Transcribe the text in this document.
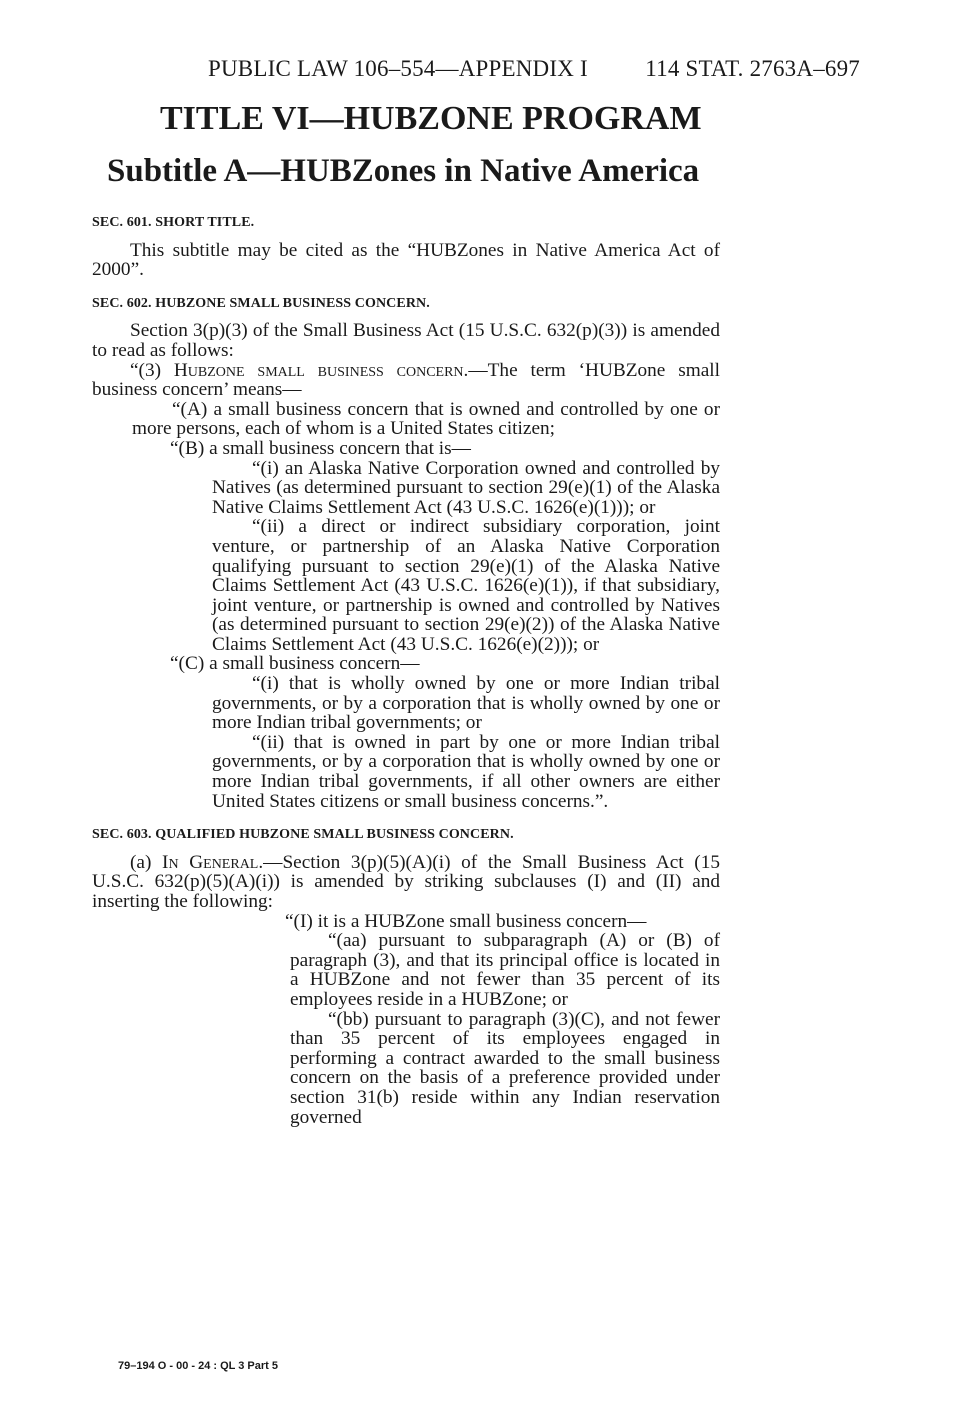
PUBLIC LAW 106–554—APPENDIX I 114 STAT. 2763A–697
TITLE VI—HUBZONE PROGRAM
Subtitle A—HUBZones in Native America
SEC. 601. SHORT TITLE.

This subtitle may be cited as the “HUBZones in Native America Act of 2000”.

SEC. 602. HUBZONE SMALL BUSINESS CONCERN.

Section 3(p)(3) of the Small Business Act (15 U.S.C. 632(p)(3)) is amended to read as follows:

“(3) Hubzone small business concern.—The term ‘HUBZone small business concern’ means—

“(A) a small business concern that is owned and controlled by one or more persons, each of whom is a United States citizen;

“(B) a small business concern that is—

“(i) an Alaska Native Corporation owned and controlled by Natives (as determined pursuant to section 29(e)(1) of the Alaska Native Claims Settlement Act (43 U.S.C. 1626(e)(1))); or

“(ii) a direct or indirect subsidiary corporation, joint venture, or partnership of an Alaska Native Corporation qualifying pursuant to section 29(e)(1) of the Alaska Native Claims Settlement Act (43 U.S.C. 1626(e)(1)), if that subsidiary, joint venture, or partnership is owned and controlled by Natives (as determined pursuant to section 29(e)(2)) of the Alaska Native Claims Settlement Act (43 U.S.C. 1626(e)(2))); or

“(C) a small business concern—

“(i) that is wholly owned by one or more Indian tribal governments, or by a corporation that is wholly owned by one or more Indian tribal governments; or

“(ii) that is owned in part by one or more Indian tribal governments, or by a corporation that is wholly owned by one or more Indian tribal governments, if all other owners are either United States citizens or small business concerns.”.

SEC. 603. QUALIFIED HUBZONE SMALL BUSINESS CONCERN.

(a) In General.—Section 3(p)(5)(A)(i) of the Small Business Act (15 U.S.C. 632(p)(5)(A)(i)) is amended by striking subclauses (I) and (II) and inserting the following:

“(I) it is a HUBZone small business concern—

“(aa) pursuant to subparagraph (A) or (B) of paragraph (3), and that its principal office is located in a HUBZone and not fewer than 35 percent of its employees reside in a HUBZone; or

“(bb) pursuant to paragraph (3)(C), and not fewer than 35 percent of its employees engaged in performing a contract awarded to the small business concern on the basis of a preference provided under section 31(b) reside within any Indian reservation governed

79–194 O - 00 - 24 : QL 3 Part 5
